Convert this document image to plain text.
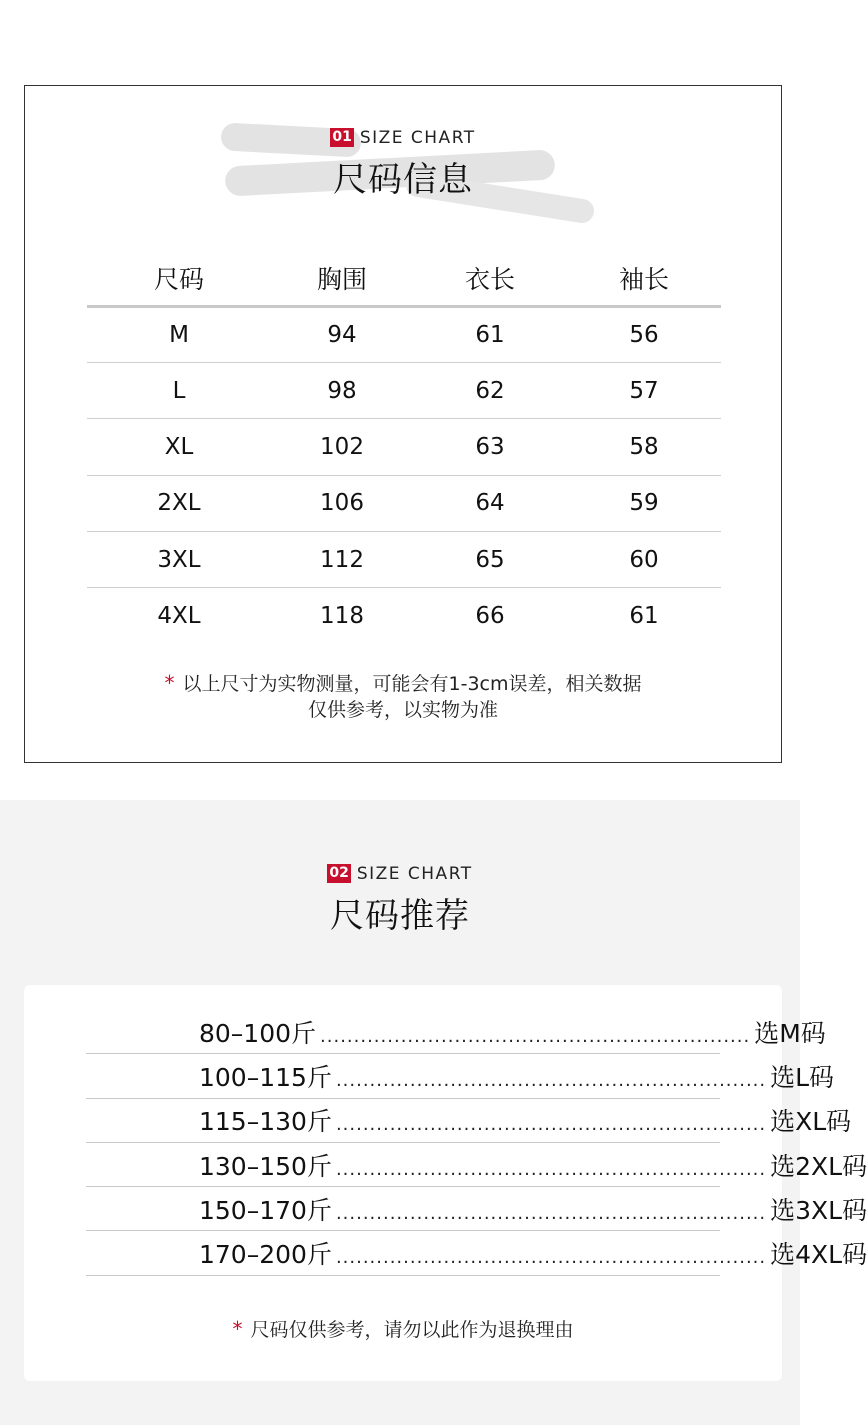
01 SIZE CHART
尺码信息
尺码	胸围	衣长	袖长
M	94	61	56
L	98	62	57
XL	102	63	58
2XL	106	64	59
3XL	112	65	60
4XL	118	66	61
* 以上尺寸为实物测量，可能会有1-3cm误差，相关数据
仅供参考，以实物为准
02 SIZE CHART
尺码推荐
80–100斤 ................................................................ 选M码
100–115斤 ................................................................ 选L码
115–130斤 ................................................................ 选XL码
130–150斤 ................................................................ 选2XL码
150–170斤 ................................................................ 选3XL码
170–200斤 ................................................................ 选4XL码
* 尺码仅供参考，请勿以此作为退换理由
